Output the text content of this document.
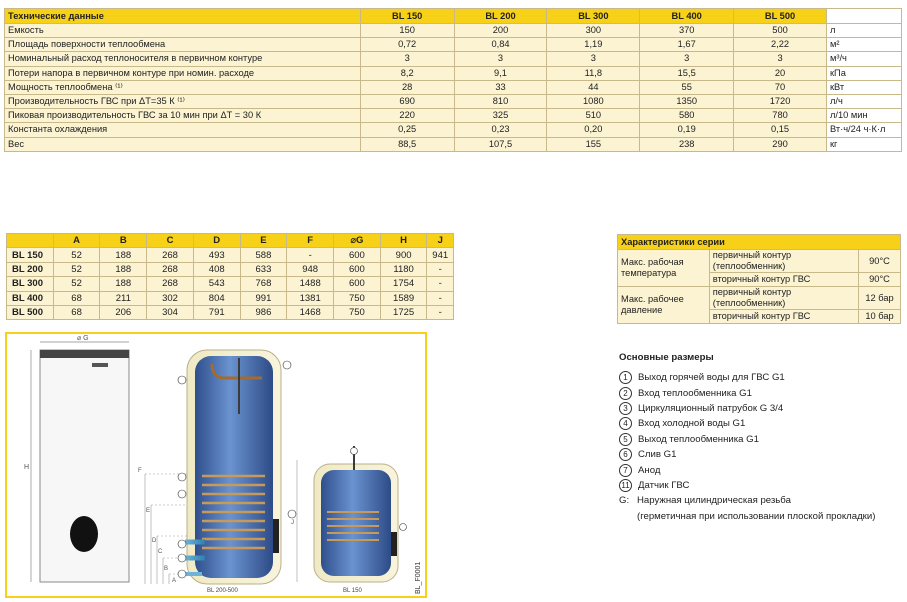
Технические данные	BL 150	BL 200	BL 300	BL 400	BL 500	
Емкость	150	200	300	370	500	л
Площадь поверхности теплообмена	0,72	0,84	1,19	1,67	2,22	м²
Номинальный расход теплоносителя в первичном контуре	3	3	3	3	3	м³/ч
Потери напора в первичном контуре при номин. расходе	8,2	9,1	11,8	15,5	20	кПа
Мощность теплообмена ⁽¹⁾	28	33	44	55	70	кВт
Производительность ГВС при ΔT=35 К ⁽¹⁾	690	810	1080	1350	1720	л/ч
Пиковая производительность ГВС за 10 мин при ΔT = 30 К	220	325	510	580	780	л/10 мин
Константа охлаждения	0,25	0,23	0,20	0,19	0,15	Вт·ч/24 ч·К·л
Вес	88,5	107,5	155	238	290	кг
	A	B	C	D	E	F	⌀G	H	J
BL 150	52	188	268	493	588	-	600	900	941
BL 200	52	188	268	408	633	948	600	1180	-
BL 300	52	188	268	543	768	1488	600	1754	-
BL 400	68	211	302	804	991	1381	750	1589	-
BL 500	68	206	304	791	986	1468	750	1725	-
Характеристики серии		
Макс. рабочая температура	первичный контур (теплообменник)	90°C
	вторичный контур ГВС	90°C
Макс. рабочее давление	первичный контур (теплообменник)	12 бар
	вторичный контур ГВС	10 бар
⌀ G
H	F
E
D
C
B
A
BL 200-500
J
BL 150	BL_F0001
Основные размеры
1	Выход горячей воды для ГВС G1
2	Вход теплообменника G1
3	Циркуляционный патрубок G 3/4
4	Вход холодной воды G1
5	Выход теплообменника G1
6	Слив G1
7	Анод
11 Датчик ГВС
G: Наружная цилиндрическая резьба
(герметичная при использовании плоской прокладки)
